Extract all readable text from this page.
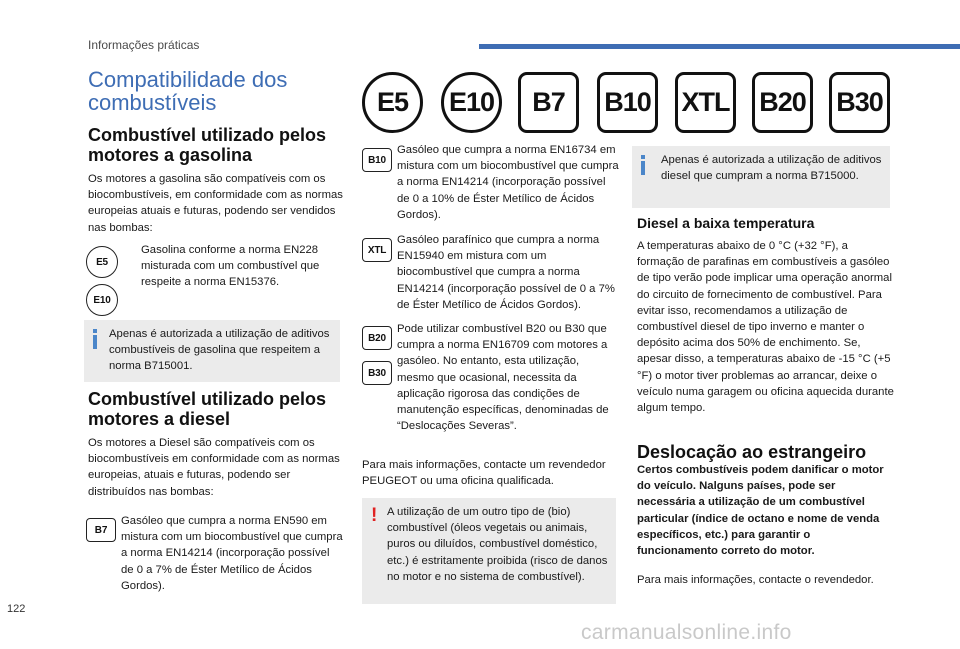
Informações práticas
Compatibilidade dos combustíveis
Combustível utilizado pelos motores a gasolina

Os motores a gasolina são compatíveis com os biocombustíveis, em conformidade com as normas europeias atuais e futuras, podendo ser vendidos nas bombas:

E5
E10

Gasolina conforme a norma EN228 misturada com um combustível que respeite a norma EN15376.

Apenas é autorizada a utilização de aditivos combustíveis de gasolina que respeitem a norma B715001.

Combustível utilizado pelos motores a diesel

Os motores a Diesel são compatíveis com os biocombustíveis em conformidade com as normas europeias, atuais e futuras, podendo ser distribuídos nas bombas:

B7

Gasóleo que cumpra a norma EN590 em mistura com um biocombustível que cumpra a norma EN14214 (incorporação possível de 0 a 7% de Éster Metílico de Ácidos Gordos).

E5	E10	B7	B10 XTL B20 B30
B10

Gasóleo que cumpra a norma EN16734 em mistura com um biocombustível que cumpra a norma EN14214 (incorporação possível de 0 a 10% de Éster Metílico de Ácidos Gordos).

XTL

Gasóleo parafínico que cumpra a norma EN15940 em mistura com um biocombustível que cumpra a norma EN14214 (incorporação possível de 0 a 7% de Éster Metílico de Ácidos Gordos).

B20
B30

Pode utilizar combustível B20 ou B30 que cumpra a norma EN16709 com motores a gasóleo. No entanto, esta utilização, mesmo que ocasional, necessita da aplicação rigorosa das condições de manutenção específicas, denominadas de “Deslocações Severas”.

Para mais informações, contacte um revendedor PEUGEOT ou uma oficina qualificada.

! A utilização de um outro tipo de (bio) combustível (óleos vegetais ou animais, puros ou diluídos, combustível doméstico, etc.) é estritamente proibida (risco de danos no motor e no sistema de combustível).

Apenas é autorizada a utilização de aditivos diesel que cumpram a norma B715000.

Diesel a baixa temperatura

A temperaturas abaixo de 0 °C (+32 °F), a formação de parafinas em combustíveis a gasóleo de tipo verão pode implicar uma operação anormal do circuito de fornecimento de combustível. Para evitar isso, recomendamos a utilização de combustível diesel de tipo inverno e manter o depósito acima dos 50% de enchimento. Se, apesar disso, a temperaturas abaixo de -15 °C (+5 °F) o motor tiver problemas ao arrancar, deixe o veículo numa garagem ou oficina aquecida durante algum tempo.

Deslocação ao estrangeiro

Certos combustíveis podem danificar o motor do veículo. Nalguns países, pode ser necessária a utilização de um combustível particular (índice de octano e nome de venda específicos, etc.) para garantir o funcionamento correto do motor.

Para mais informações, contacte o revendedor.

122
carmanualsonline.info
